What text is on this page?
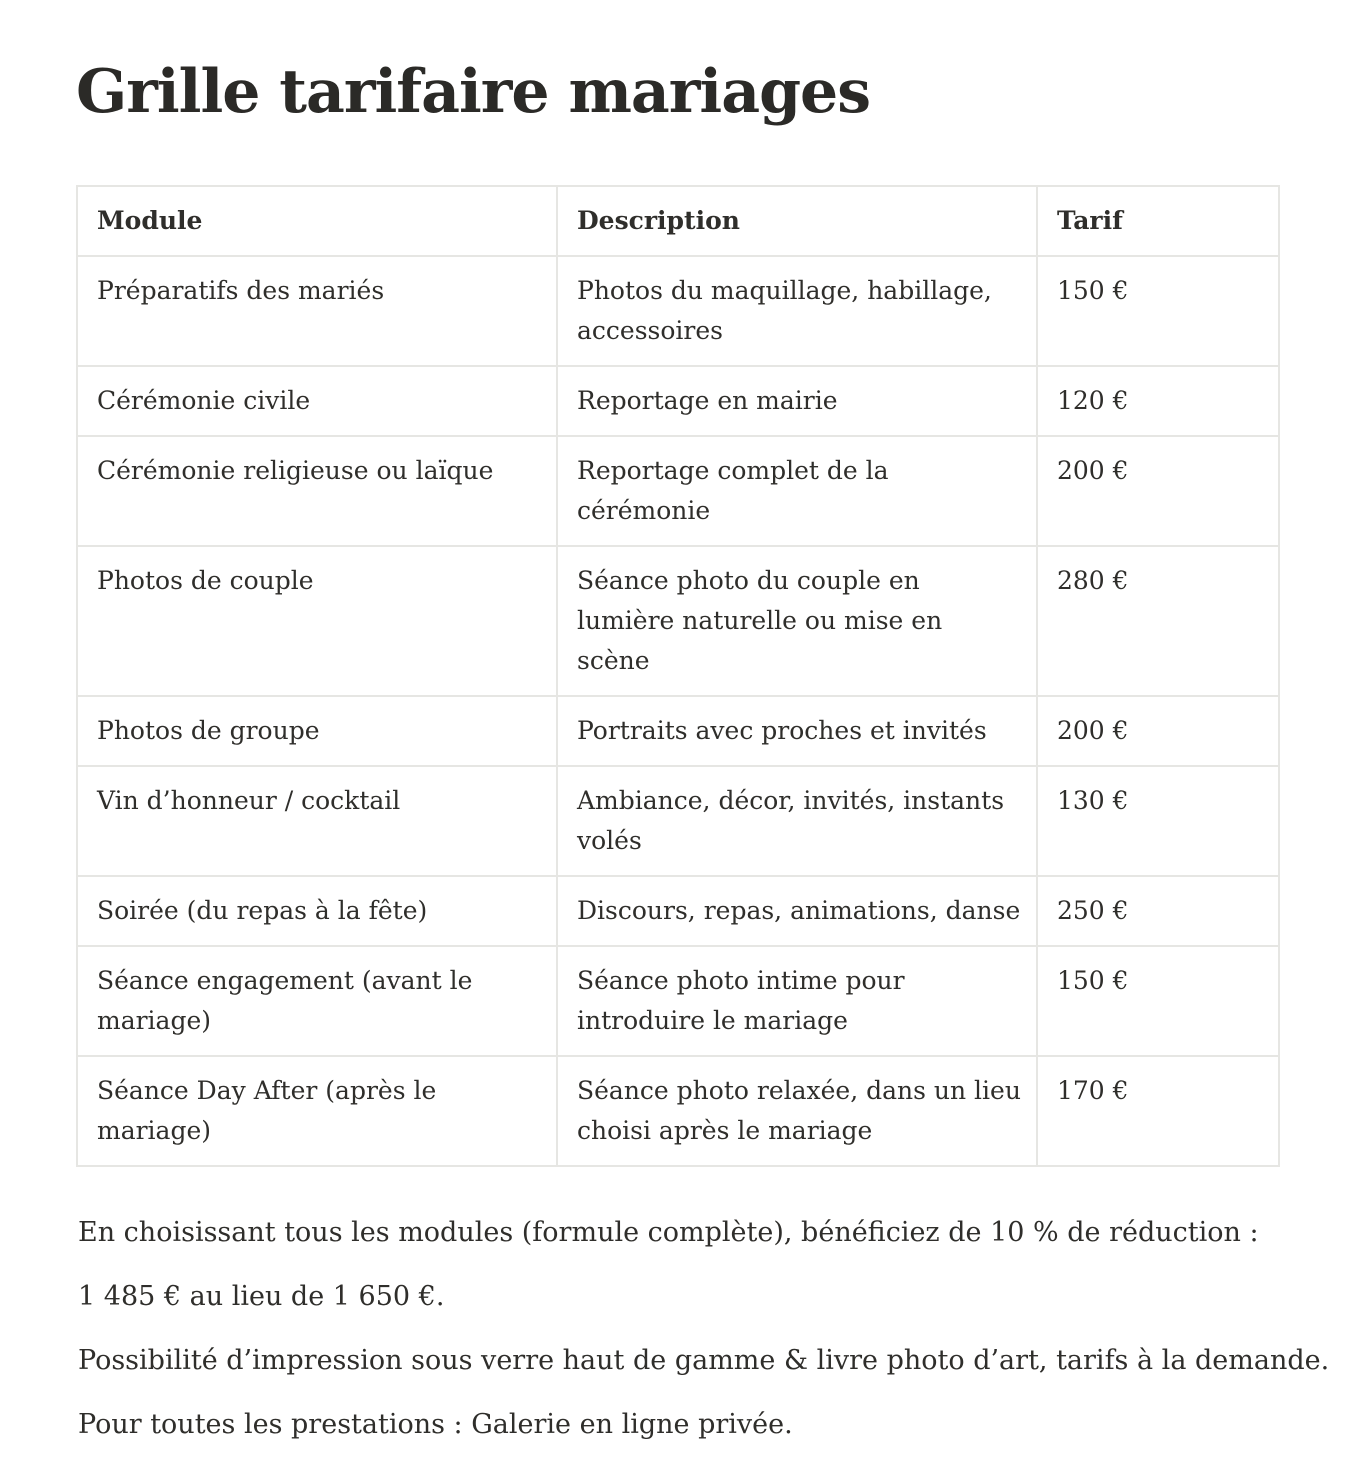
Grille tarifaire mariages
Module	Description	Tarif
Préparatifs des mariés	Photos du maquillage, habillage, accessoires	150 €
Cérémonie civile	Reportage en mairie	120 €
Cérémonie religieuse ou laïque	Reportage complet de la cérémonie	200 €
Photos de couple	Séance photo du couple en lumière naturelle ou mise en scène	280 €
Photos de groupe	Portraits avec proches et invités	200 €
Vin d’honneur / cocktail	Ambiance, décor, invités, instants volés	130 €
Soirée (du repas à la fête)	Discours, repas, animations, danse	250 €
Séance engagement (avant le mariage)	Séance photo intime pour introduire le mariage	150 €
Séance Day After (après le mariage)	Séance photo relaxée, dans un lieu choisi après le mariage	170 €

En choisissant tous les modules (formule complète), bénéficiez de 10 % de réduction :

1 485 € au lieu de 1 650 €.

Possibilité d’impression sous verre haut de gamme & livre photo d’art, tarifs à la demande.

Pour toutes les prestations : Galerie en ligne privée.
